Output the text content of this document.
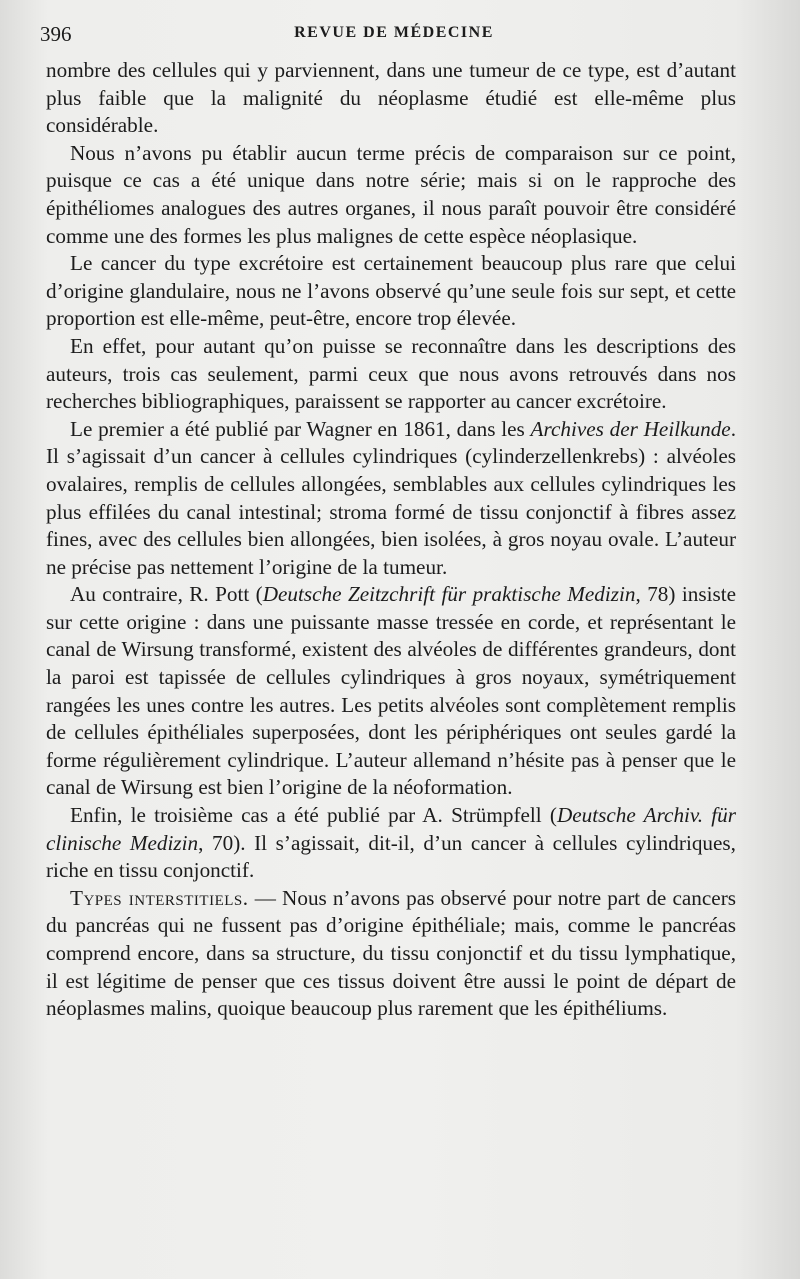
396	REVUE DE MÉDECINE

nombre des cellules qui y parviennent, dans une tumeur de ce type, est d’autant plus faible que la malignité du néoplasme étudié est elle-même plus considérable.

Nous n’avons pu établir aucun terme précis de comparaison sur ce point, puisque ce cas a été unique dans notre série; mais si on le rapproche des épithéliomes analogues des autres organes, il nous paraît pouvoir être considéré comme une des formes les plus malignes de cette espèce néoplasique.

Le cancer du type excrétoire est certainement beaucoup plus rare que celui d’origine glandulaire, nous ne l’avons observé qu’une seule fois sur sept, et cette proportion est elle-même, peut-être, encore trop élevée.

En effet, pour autant qu’on puisse se reconnaître dans les descriptions des auteurs, trois cas seulement, parmi ceux que nous avons retrouvés dans nos recherches bibliographiques, paraissent se rapporter au cancer excrétoire.

Le premier a été publié par Wagner en 1861, dans les Archives der Heilkunde. Il s’agissait d’un cancer à cellules cylindriques (cylinderzellenkrebs) : alvéoles ovalaires, remplis de cellules allongées, semblables aux cellules cylindriques les plus effilées du canal intestinal; stroma formé de tissu conjonctif à fibres assez fines, avec des cellules bien allongées, bien isolées, à gros noyau ovale. L’auteur ne précise pas nettement l’origine de la tumeur.

Au contraire, R. Pott (Deutsche Zeitzchrift für praktische Medizin, 78) insiste sur cette origine : dans une puissante masse tressée en corde, et représentant le canal de Wirsung transformé, existent des alvéoles de différentes grandeurs, dont la paroi est tapissée de cellules cylindriques à gros noyaux, symétriquement rangées les unes contre les autres. Les petits alvéoles sont complètement remplis de cellules épithéliales superposées, dont les périphériques ont seules gardé la forme régulièrement cylindrique. L’auteur allemand n’hésite pas à penser que le canal de Wirsung est bien l’origine de la néoformation.

Enfin, le troisième cas a été publié par A. Strümpfell (Deutsche Archiv. für clinische Medizin, 70). Il s’agissait, dit-il, d’un cancer à cellules cylindriques, riche en tissu conjonctif.

Types interstitiels. — Nous n’avons pas observé pour notre part de cancers du pancréas qui ne fussent pas d’origine épithéliale; mais, comme le pancréas comprend encore, dans sa structure, du tissu conjonctif et du tissu lymphatique, il est légitime de penser que ces tissus doivent être aussi le point de départ de néoplasmes malins, quoique beaucoup plus rarement que les épithéliums.
